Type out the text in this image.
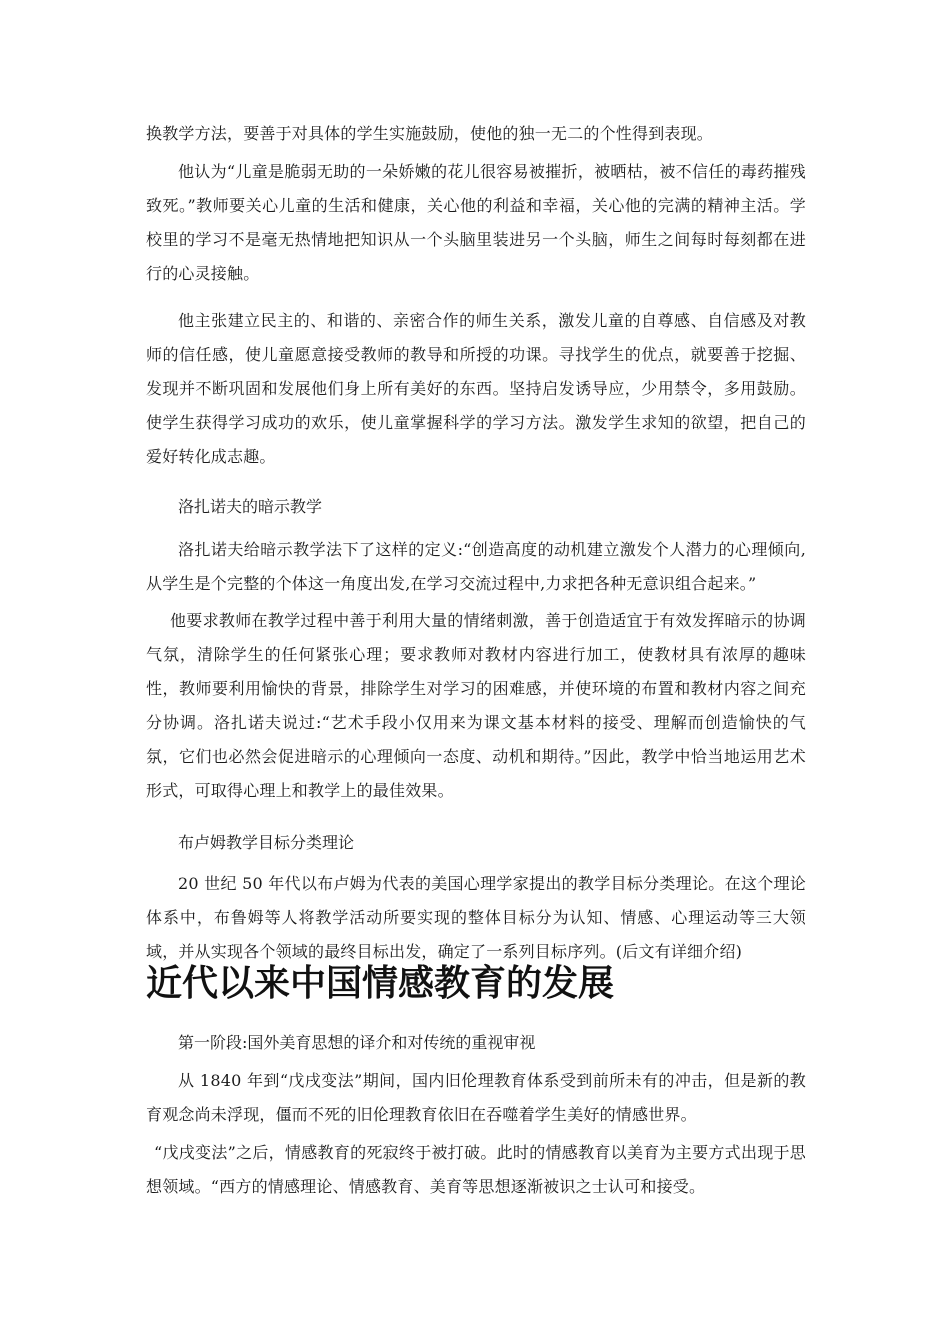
换教学方法，要善于对具体的学生实施鼓励，使他的独一无二的个性得到表现。

他认为“儿童是脆弱无助的一朵娇嫩的花儿很容易被摧折，被晒枯，被不信任的毒药摧残致死。”教师要关心儿童的生活和健康，关心他的利益和幸福，关心他的完满的精神主活。学校里的学习不是毫无热情地把知识从一个头脑里装进另一个头脑，师生之间每时每刻都在进行的心灵接触。

他主张建立民主的、和谐的、亲密合作的师生关系，激发儿童的自尊感、自信感及对教师的信任感，使儿童愿意接受教师的教导和所授的功课。寻找学生的优点，就要善于挖掘、发现并不断巩固和发展他们身上所有美好的东西。坚持启发诱导应，少用禁令，多用鼓励。使学生获得学习成功的欢乐，使儿童掌握科学的学习方法。激发学生求知的欲望，把自己的爱好转化成志趣。

洛扎诺夫的暗示教学

洛扎诺夫给暗示教学法下了这样的定义:“创造高度的动机建立激发个人潜力的心理倾向,从学生是个完整的个体这一角度出发,在学习交流过程中,力求把各种无意识组合起来。”

他要求教师在教学过程中善于利用大量的情绪刺激，善于创造适宜于有效发挥暗示的协调气氛，清除学生的任何紧张心理；要求教师对教材内容进行加工，使教材具有浓厚的趣味性，教师要利用愉快的背景，排除学生对学习的困难感，并使环境的布置和教材内容之间充分协调。洛扎诺夫说过:“艺术手段小仅用来为课文基本材料的接受、理解而创造愉快的气氛，它们也必然会促进暗示的心理倾向一态度、动机和期待。”因此，教学中恰当地运用艺术形式，可取得心理上和教学上的最佳效果。

布卢姆教学目标分类理论

20 世纪 50 年代以布卢姆为代表的美国心理学家提出的教学目标分类理论。在这个理论体系中，布鲁姆等人将教学活动所要实现的整体目标分为认知、情感、心理运动等三大领域，并从实现各个领域的最终目标出发，确定了一系列目标序列。(后文有详细介绍)

近代以来中国情感教育的发展

第一阶段:国外美育思想的译介和对传统的重视审视

从 1840 年到“戊戌变法”期间，国内旧伦理教育体系受到前所未有的冲击，但是新的教育观念尚未浮现，僵而不死的旧伦理教育依旧在吞噬着学生美好的情感世界。

“戊戌变法”之后，情感教育的死寂终于被打破。此时的情感教育以美育为主要方式出现于思想领域。“西方的情感理论、情感教育、美育等思想逐渐被识之士认可和接受。
